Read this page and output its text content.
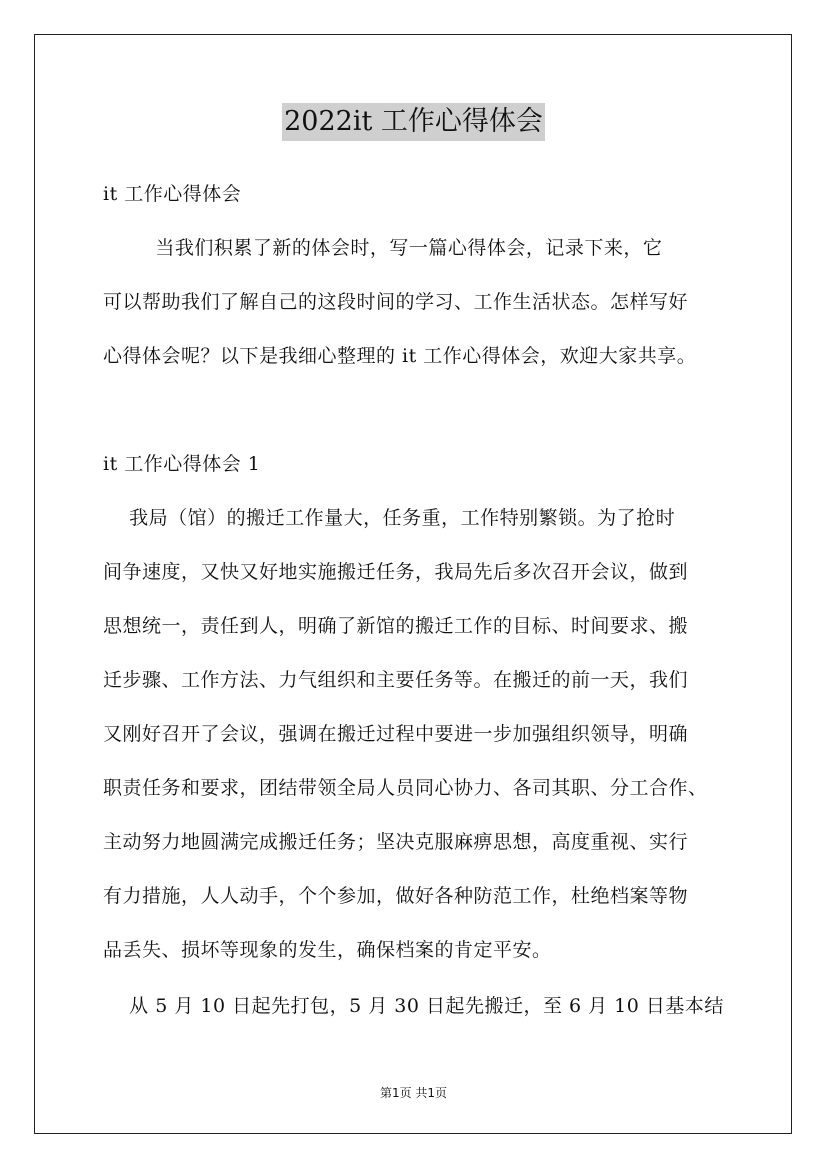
2022it 工作心得体会
it 工作心得体会
当我们积累了新的体会时，写一篇心得体会，记录下来，它
可以帮助我们了解自己的这段时间的学习、工作生活状态。怎样写好
心得体会呢？以下是我细心整理的 it 工作心得体会，欢迎大家共享。
it 工作心得体会 1
我局（馆）的搬迁工作量大，任务重，工作特别繁锁。为了抢时
间争速度，又快又好地实施搬迁任务，我局先后多次召开会议，做到
思想统一，责任到人，明确了新馆的搬迁工作的目标、时间要求、搬
迁步骤、工作方法、力气组织和主要任务等。在搬迁的前一天，我们
又刚好召开了会议，强调在搬迁过程中要进一步加强组织领导，明确
职责任务和要求，团结带领全局人员同心协力、各司其职、分工合作、
主动努力地圆满完成搬迁任务；坚决克服麻痹思想，高度重视、实行
有力措施，人人动手，个个参加，做好各种防范工作，杜绝档案等物
品丢失、损坏等现象的发生，确保档案的肯定平安。
从 5 月 10 日起先打包，5 月 30 日起先搬迁，至 6 月 10 日基本结
第1页 共1页
